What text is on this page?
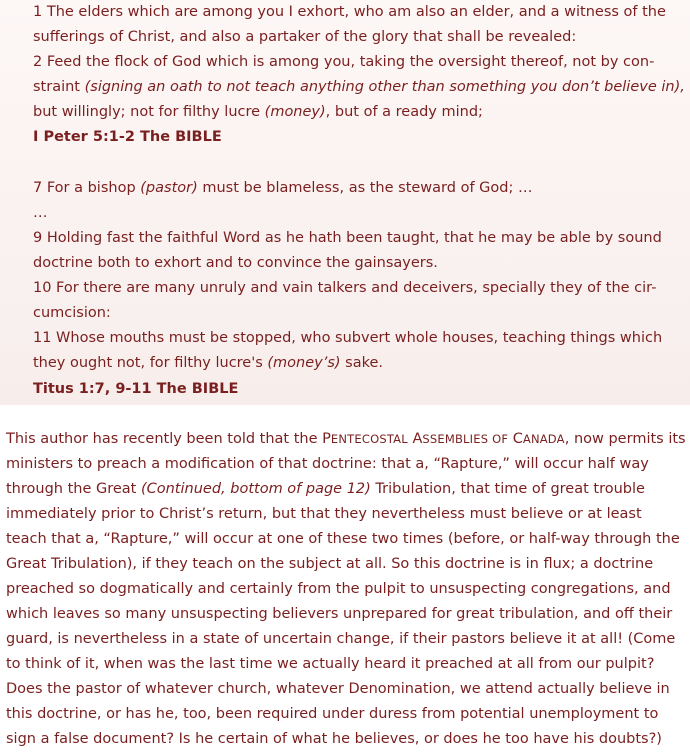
1 The elders which are among you I exhort, who am also an elder, and a witness of the
sufferings of Christ, and also a partaker of the glory that shall be revealed:
2 Feed the flock of God which is among you, taking the oversight thereof, not by con-
straint (signing an oath to not teach anything other than something you don’t believe in),
but willingly; not for filthy lucre (money), but of a ready mind;
I Peter 5:1-2 The BIBLE
7 For a bishop (pastor) must be blameless, as the steward of God; …
…
9 Holding fast the faithful Word as he hath been taught, that he may be able by sound
doctrine both to exhort and to convince the gainsayers.
10 For there are many unruly and vain talkers and deceivers, specially they of the cir-
cumcision:
11 Whose mouths must be stopped, who subvert whole houses, teaching things which
they ought not, for filthy lucre's (money’s) sake.
Titus 1:7, 9-11 The BIBLE
This author has recently been told that the PENTECOSTAL ASSEMBLIES OF CANADA, now permits its
ministers to preach a modification of that doctrine: that a, “Rapture,” will occur half way
through the Great (Continued, bottom of page 12) Tribulation, that time of great trouble
immediately prior to Christ’s return, but that they nevertheless must believe or at least
teach that a, “Rapture,” will occur at one of these two times (before, or half-way through the
Great Tribulation), if they teach on the subject at all. So this doctrine is in flux; a doctrine
preached so dogmatically and certainly from the pulpit to unsuspecting congregations, and
which leaves so many unsuspecting believers unprepared for great tribulation, and off their
guard, is nevertheless in a state of uncertain change, if their pastors believe it at all! (Come
to think of it, when was the last time we actually heard it preached at all from our pulpit?
Does the pastor of whatever church, whatever Denomination, we attend actually believe in
this doctrine, or has he, too, been required under duress from potential unemployment to
sign a false document? Is he certain of what he believes, or does he too have his doubts?)
